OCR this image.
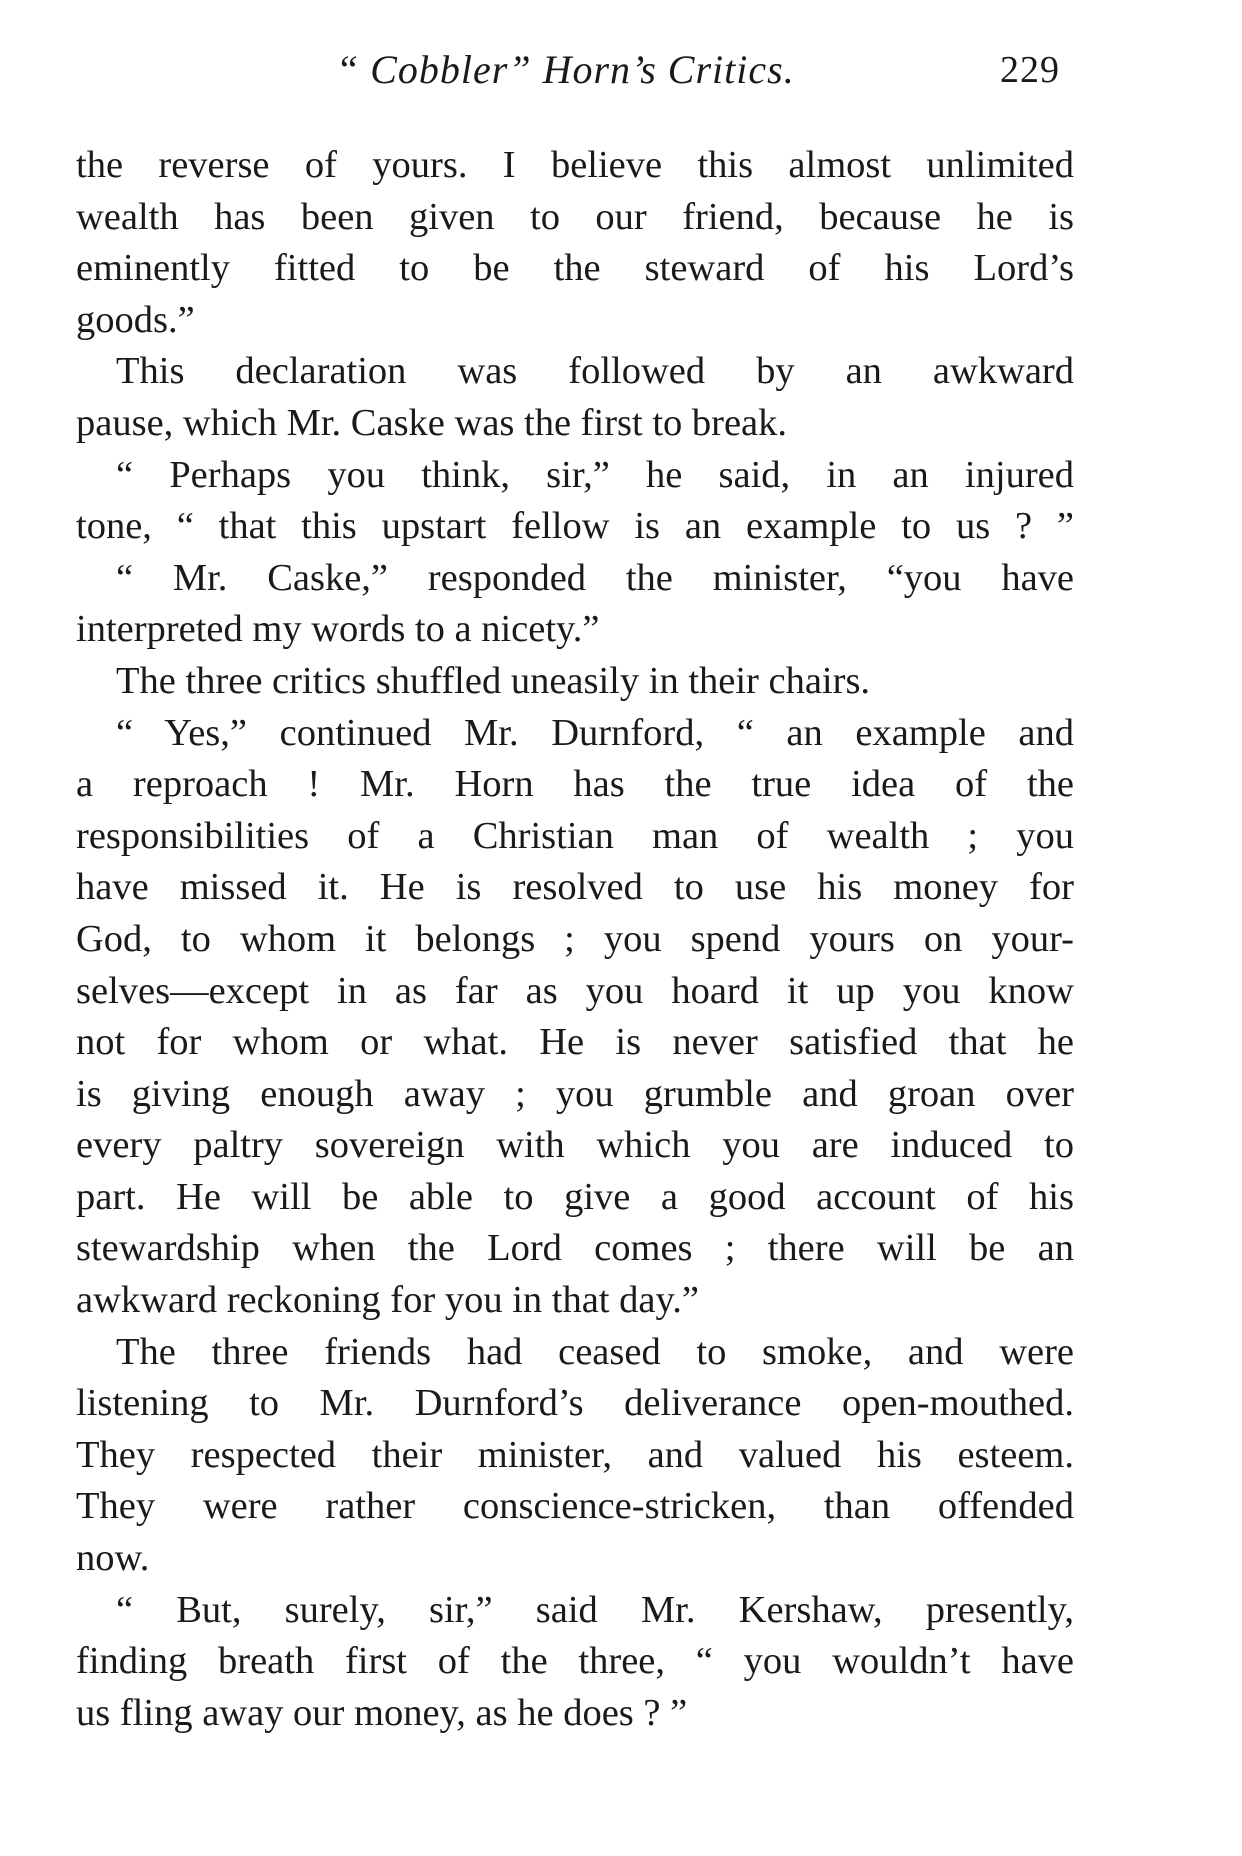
“ Cobbler” Horn’s Critics.	229
the reverse of yours. I believe this almost unlimited
wealth has been given to our friend, because he is
eminently fitted to be the steward of his Lord’s
goods.”
This declaration was followed by an awkward
pause, which Mr. Caske was the first to break.
“ Perhaps you think, sir,” he said, in an injured
tone, “ that this upstart fellow is an example to us ? ”
“ Mr. Caske,” responded the minister, “you have
interpreted my words to a nicety.”
The three critics shuffled uneasily in their chairs.
“ Yes,” continued Mr. Durnford, “ an example and
a reproach ! Mr. Horn has the true idea of the
responsibilities of a Christian man of wealth ; you
have missed it. He is resolved to use his money for
God, to whom it belongs ; you spend yours on your-
selves—except in as far as you hoard it up you know
not for whom or what. He is never satisfied that he
is giving enough away ; you grumble and groan over
every paltry sovereign with which you are induced to
part. He will be able to give a good account of his
stewardship when the Lord comes ; there will be an
awkward reckoning for you in that day.”
The three friends had ceased to smoke, and were
listening to Mr. Durnford’s deliverance open-mouthed.
They respected their minister, and valued his esteem.
They were rather conscience-stricken, than offended
now.
“ But, surely, sir,” said Mr. Kershaw, presently,
finding breath first of the three, “ you wouldn’t have
us fling away our money, as he does ? ”
